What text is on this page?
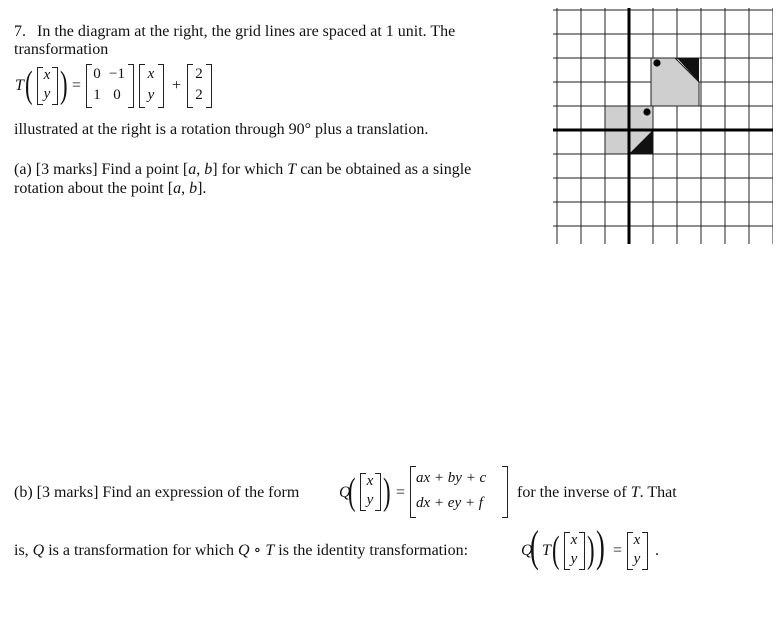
7. In the diagram at the right, the grid lines are spaced at 1 unit. The
transformation
T ( x
y ) =
0 −1
1 0
x
y
+
2
2
illustrated at the right is a rotation through 90° plus a translation.
(a) [3 marks] Find a point [a, b] for which T can be obtained as a single
rotation about the point [a, b].
(b) [3 marks] Find an expression of the form Q
( x
y ) =
ax + by + c
dx + ey + f
for the inverse of T. That
is, Q is a transformation for which Q ∘ T is the identity transformation:	Q
( T ( x
y ) ) =
x
y .
